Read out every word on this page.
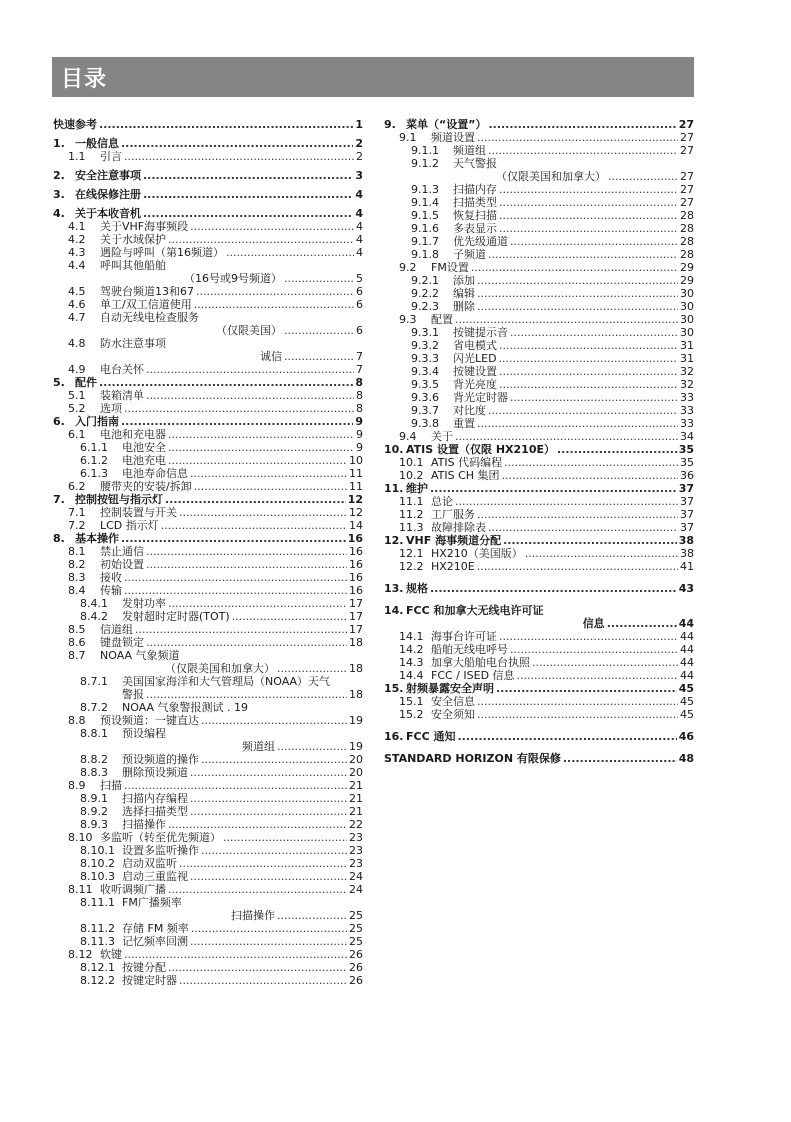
目录
快速参考 .....	1
1. 一般信息 .....	2
1.1	引言 .....	2
2. 安全注意事项 .....	3
3. 在线保修注册 .....	4
4. 关于本收音机 .....	4
4.1	关于VHF海事频段 .....	4
4.2	关于水域保护 .....	4
4.3	遇险与呼叫（第16频道） .....	4
4.4	呼叫其他船舶
（16号或9号频道） .....	5
4.5	驾驶台频道13和67 .....	6
4.6	单工/双工信道使用 .....	6
4.7	自动无线电检查服务
（仅限美国） .....	6
4.8	防水注意事项
诚信 .....	7
4.9	电台关怀 .....	7
5. 配件 .....	8
5.1	装箱清单 .....	8
5.2	选项 .....	8
6. 入门指南 .....	9
6.1	电池和充电器 .....	9
6.1.1	电池安全 .....	9
6.1.2	电池充电 .....	10
6.1.3	电池寿命信息 .....	11
6.2	腰带夹的安装/拆卸 .....	11
7. 控制按钮与指示灯 .....	12
7.1	控制装置与开关 .....	12
7.2	LCD 指示灯 .....	14
8. 基本操作 .....	16
8.1	禁止通信 .....	16
8.2	初始设置 .....	16
8.3	接收 .....	16
8.4	传输 .....	16
8.4.1	发射功率 .....	17
8.4.2	发射超时定时器(TOT) .....	17
8.5	信道组 .....	17
8.6	键盘锁定 .....	18
8.7	NOAA 气象频道
（仅限美国和加拿大） .....	18
8.7.1	美国国家海洋和大气管理局（NOAA）天气
警报 .....	18
8.7.2	NOAA 气象警报测试 . 19
8.8	预设频道：一键直达 .....	19
8.8.1	预设编程
频道组 .....	19
8.8.2	预设频道的操作 .....	20
8.8.3	删除预设频道 .....	20
8.9	扫描 .....	21
8.9.1	扫描内存编程 .....	21
8.9.2	选择扫描类型 .....	21
8.9.3	扫描操作 .....	22
8.10 多监听（转至优先频道） .....	23
8.10.1 设置多监听操作 .....	23
8.10.2 启动双监听 .....	23
8.10.3 启动三重监视 .....	24
8.11 收听调频广播 .....	24
8.11.1 FM广播频率
扫描操作 .....	25
8.11.2 存储 FM 频率 .....	25
8.11.3 记忆频率回溯 .....	25
8.12 软键 .....	26
8.12.1 按键分配 .....	26
8.12.2 按键定时器 .....	26
9. 菜单（“设置”） .....	27
9.1	频道设置 .....	27
9.1.1	频道组 .....	27
9.1.2	天气警报
（仅限美国和加拿大） .....	27
9.1.3	扫描内存 .....	27
9.1.4	扫描类型 .....	27
9.1.5	恢复扫描 .....	28
9.1.6	多表显示 .....	28
9.1.7	优先级通道 .....	28
9.1.8	子频道 .....	28
9.2	FM设置 .....	29
9.2.1	添加 .....	29
9.2.2	编辑 .....	30
9.2.3	删除 .....	30
9.3	配置 .....	30
9.3.1	按键提示音 .....	30
9.3.2	省电模式 .....	31
9.3.3	闪光LED .....	31
9.3.4	按键设置 .....	32
9.3.5	背光亮度 .....	32
9.3.6	背光定时器 .....	33
9.3.7	对比度 .....	33
9.3.8	重置 .....	33
9.4	关于 .....	34
10. ATIS 设置（仅限 HX210E） .....	35
10.1 ATIS 代码编程 .....	35
10.2 ATIS CH 集团 .....	36
11. 维护 .....	37
11.1 总论 .....	37
11.2 工厂服务 .....	37
11.3 故障排除表 .....	37
12. VHF 海事频道分配 .....	38
12.1 HX210（美国版） .....	38
12.2 HX210E .....	41
13. 规格 .....	43
14. FCC 和加拿大无线电许可证
信息 .....	44
14.1 海事台许可证 .....	44
14.2 船舶无线电呼号 .....	44
14.3 加拿大船舶电台执照 .....	44
14.4 FCC / ISED 信息 .....	44
15. 射频暴露安全声明 .....	45
15.1 安全信息 .....	45
15.2 安全须知 .....	45
16. FCC 通知 .....	46
STANDARD HORIZON 有限保修 .....	48
